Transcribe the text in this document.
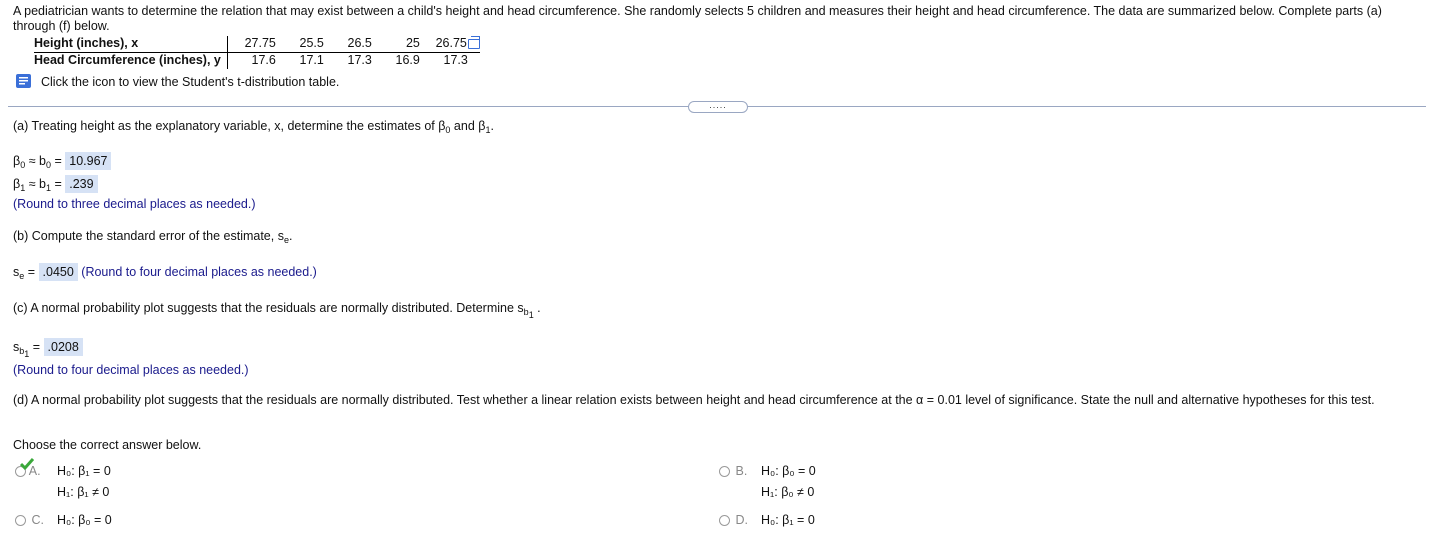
A pediatrician wants to determine the relation that may exist between a child's height and head circumference. She randomly selects 5 children and measures their height and head circumference. The data are summarized below. Complete parts (a) through (f) below.
Height (inches), x	27.75	25.5	26.5	25	26.75
Head Circumference (inches), y	17.6	17.1	17.3	16.9	17.3
Click the icon to view the Student's t-distribution table.
.....
(a) Treating height as the explanatory variable, x, determine the estimates of $\beta_0$ and $\beta_1$.
$\beta_0 \approx b_0 = 10.967$
$\beta_1 \approx b_1 = .239$
(Round to three decimal places as needed.)
(b) Compute the standard error of the estimate, $s_e$.
$s_e = .0450$ (Round to four decimal places as needed.)
(c) A normal probability plot suggests that the residuals are normally distributed. Determine $s_{b_1}$ .
$s_{b_1} = .0208$
(Round to four decimal places as needed.)
(d) A normal probability plot suggests that the residuals are normally distributed. Test whether a linear relation exists between height and head circumference at the α = 0.01 level of significance. State the null and alternative hypotheses for this test.
Choose the correct answer below.
A.	H₀: β₁ = 0
H₁: β₁ ≠ 0
B.	H₀: β₀ = 0
H₁: β₀ ≠ 0
C.	H₀: β₀ = 0	D.	H₀: β₁ = 0
